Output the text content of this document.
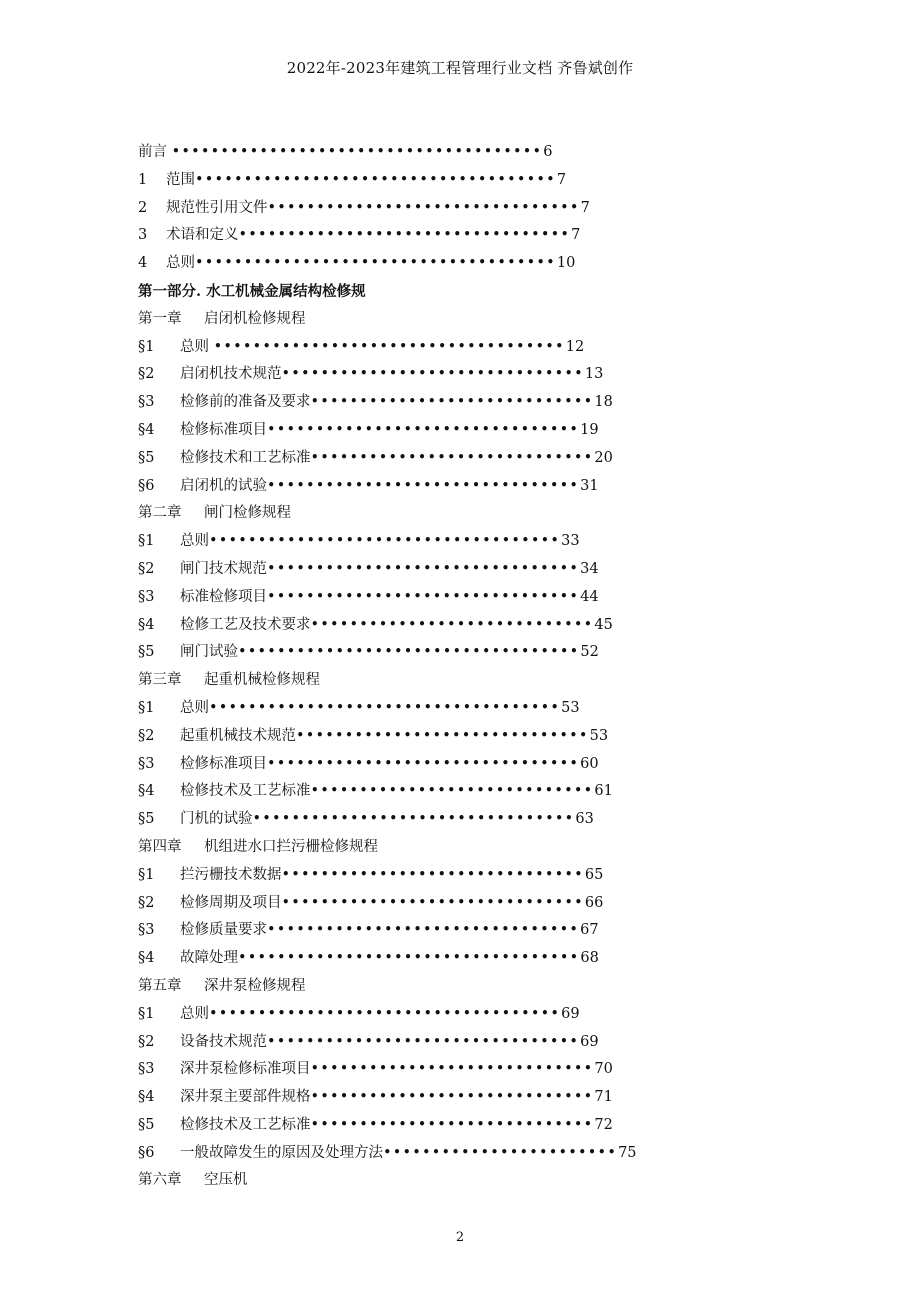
2022年-2023年建筑工程管理行业文档 齐鲁斌创作
前言 ••••••••••••••••••••••••••••••••••••••6
1 范围•••••••••••••••••••••••••••••••••••••7
2 规范性引用文件••••••••••••••••••••••••••••••••7
3 术语和定义••••••••••••••••••••••••••••••••••7
4 总则•••••••••••••••••••••••••••••••••••••10
第一部分. 水工机械金属结构检修规
第一章 启闭机检修规程
§1 总则 ••••••••••••••••••••••••••••••••••••12
§2 启闭机技术规范•••••••••••••••••••••••••••••••13
§3 检修前的准备及要求•••••••••••••••••••••••••••••18
§4 检修标准项目••••••••••••••••••••••••••••••••19
§5 检修技术和工艺标准•••••••••••••••••••••••••••••20
§6 启闭机的试验••••••••••••••••••••••••••••••••31
第二章 闸门检修规程
§1 总则••••••••••••••••••••••••••••••••••••33
§2 闸门技术规范••••••••••••••••••••••••••••••••34
§3 标准检修项目••••••••••••••••••••••••••••••••44
§4 检修工艺及技术要求•••••••••••••••••••••••••••••45
§5 闸门试验•••••••••••••••••••••••••••••••••••52
第三章 起重机械检修规程
§1 总则••••••••••••••••••••••••••••••••••••53
§2 起重机械技术规范••••••••••••••••••••••••••••••53
§3 检修标准项目••••••••••••••••••••••••••••••••60
§4 检修技术及工艺标准•••••••••••••••••••••••••••••61
§5 门机的试验•••••••••••••••••••••••••••••••••63
第四章 机组进水口拦污栅检修规程
§1 拦污栅技术数据•••••••••••••••••••••••••••••••65
§2 检修周期及项目•••••••••••••••••••••••••••••••66
§3 检修质量要求••••••••••••••••••••••••••••••••67
§4 故障处理•••••••••••••••••••••••••••••••••••68
第五章 深井泵检修规程
§1 总则••••••••••••••••••••••••••••••••••••69
§2 设备技术规范••••••••••••••••••••••••••••••••69
§3 深井泵检修标准项目•••••••••••••••••••••••••••••70
§4 深井泵主要部件规格•••••••••••••••••••••••••••••71
§5 检修技术及工艺标准•••••••••••••••••••••••••••••72
§6 一般故障发生的原因及处理方法••••••••••••••••••••••••75
第六章 空压机
2
